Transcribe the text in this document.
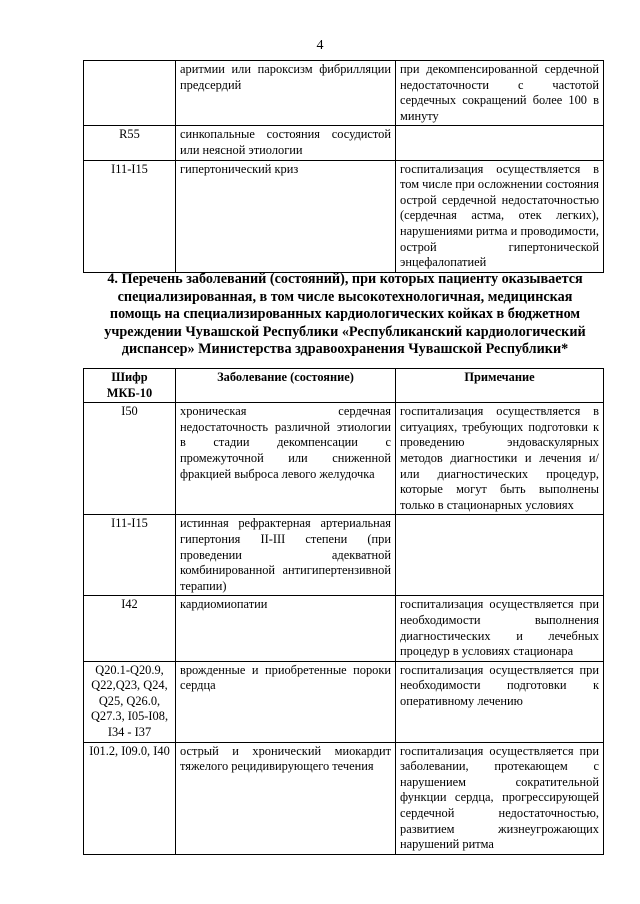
4
	аритмии или пароксизм фибрилляции предсердий	при декомпенсированной сердечной недостаточности с частотой сердечных сокращений более 100 в минуту
R55	синкопальные состояния сосудистой или неясной этиологии	
I11-I15	гипертонический криз	госпитализация осуществляется в том числе при осложнении состояния острой сердечной недостаточностью (сердечная астма, отек легких), нарушениями ритма и проводимости, острой гипертонической энцефалопатией
4. Перечень заболеваний (состояний), при которых пациенту оказывается специализированная, в том числе высокотехнологичная, медицинская помощь на специализированных кардиологических койках в бюджетном учреждении Чувашской Республики «Республиканский кардиологический диспансер» Министерства здравоохранения Чувашской Республики*
Шифр МКБ-10	Заболевание (состояние)	Примечание
I50	хроническая сердечная недостаточность различной этиологии в стадии декомпенсации с промежуточной или сниженной фракцией выброса левого желудочка	госпитализация осуществляется в ситуациях, требующих подготовки к проведению эндоваскулярных методов диагностики и лечения и/или диагностических процедур, которые могут быть выполнены только в стационарных условиях
I11-I15	истинная рефрактерная артериальная гипертония II-III степени (при проведении адекватной комбинированной антигипертензивной терапии)	
I42	кардиомиопатии	госпитализация осуществляется при необходимости выполнения диагностических и лечебных процедур в условиях стационара
Q20.1-Q20.9, Q22,Q23, Q24, Q25, Q26.0, Q27.3, I05-I08, I34 - I37	врожденные и приобретенные пороки сердца	госпитализация осуществляется при необходимости подготовки к оперативному лечению
I01.2, I09.0, I40	острый и хронический миокардит тяжелого рецидивирующего течения	госпитализация осуществляется при заболевании, протекающем с нарушением сократительной функции сердца, прогрессирующей сердечной недостаточностью, развитием жизнеугрожающих нарушений ритма
